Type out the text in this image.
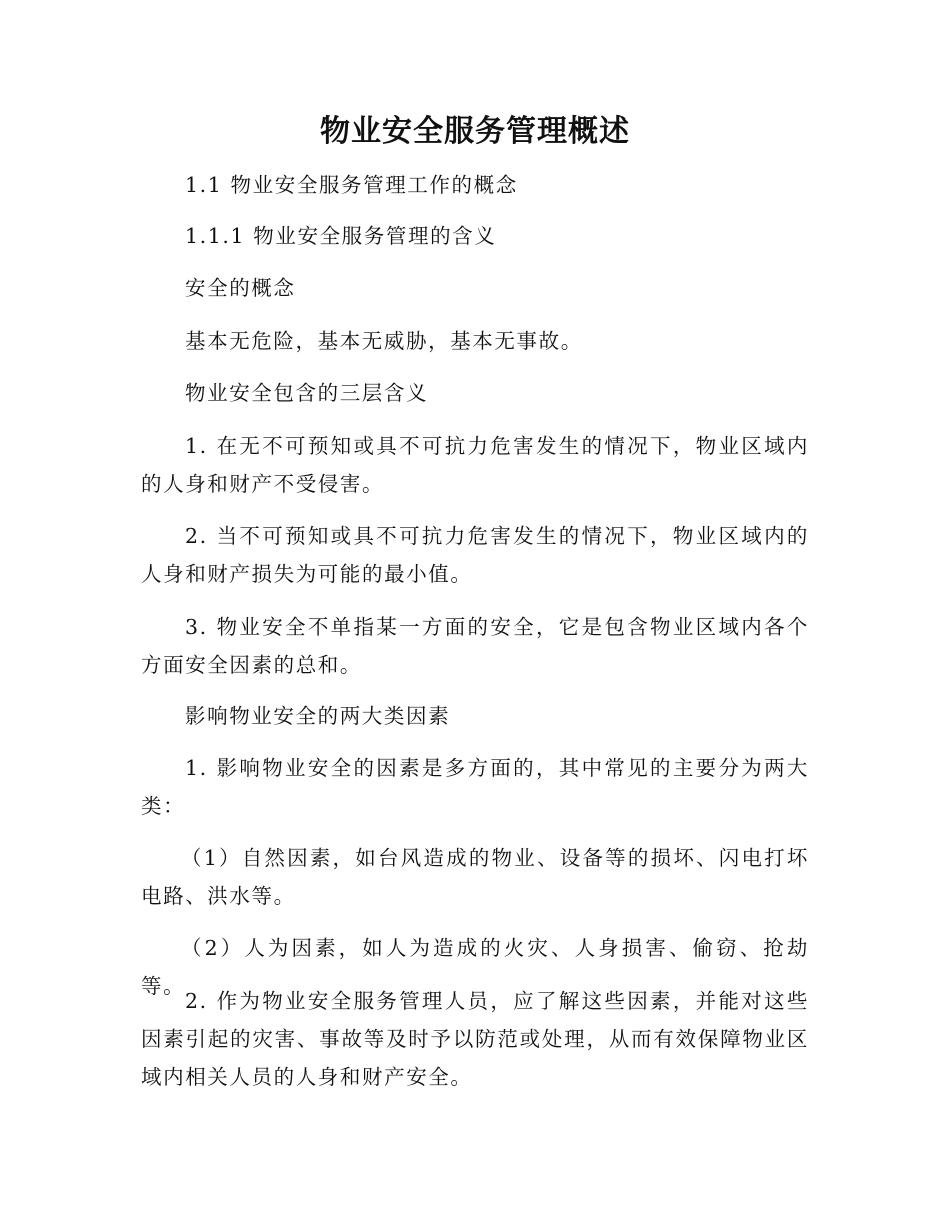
物业安全服务管理概述

1.1 物业安全服务管理工作的概念

1.1.1 物业安全服务管理的含义

安全的概念

基本无危险，基本无威胁，基本无事故。

物业安全包含的三层含义

1. 在无不可预知或具不可抗力危害发生的情况下，物业区域内的人身和财产不受侵害。

2. 当不可预知或具不可抗力危害发生的情况下，物业区域内的人身和财产损失为可能的最小值。

3. 物业安全不单指某一方面的安全，它是包含物业区域内各个方面安全因素的总和。

影响物业安全的两大类因素

1. 影响物业安全的因素是多方面的，其中常见的主要分为两大类：

（1）自然因素，如台风造成的物业、设备等的损坏、闪电打坏电路、洪水等。

（2）人为因素，如人为造成的火灾、人身损害、偷窃、抢劫等。

2. 作为物业安全服务管理人员，应了解这些因素，并能对这些因素引起的灾害、事故等及时予以防范或处理，从而有效保障物业区域内相关人员的人身和财产安全。
